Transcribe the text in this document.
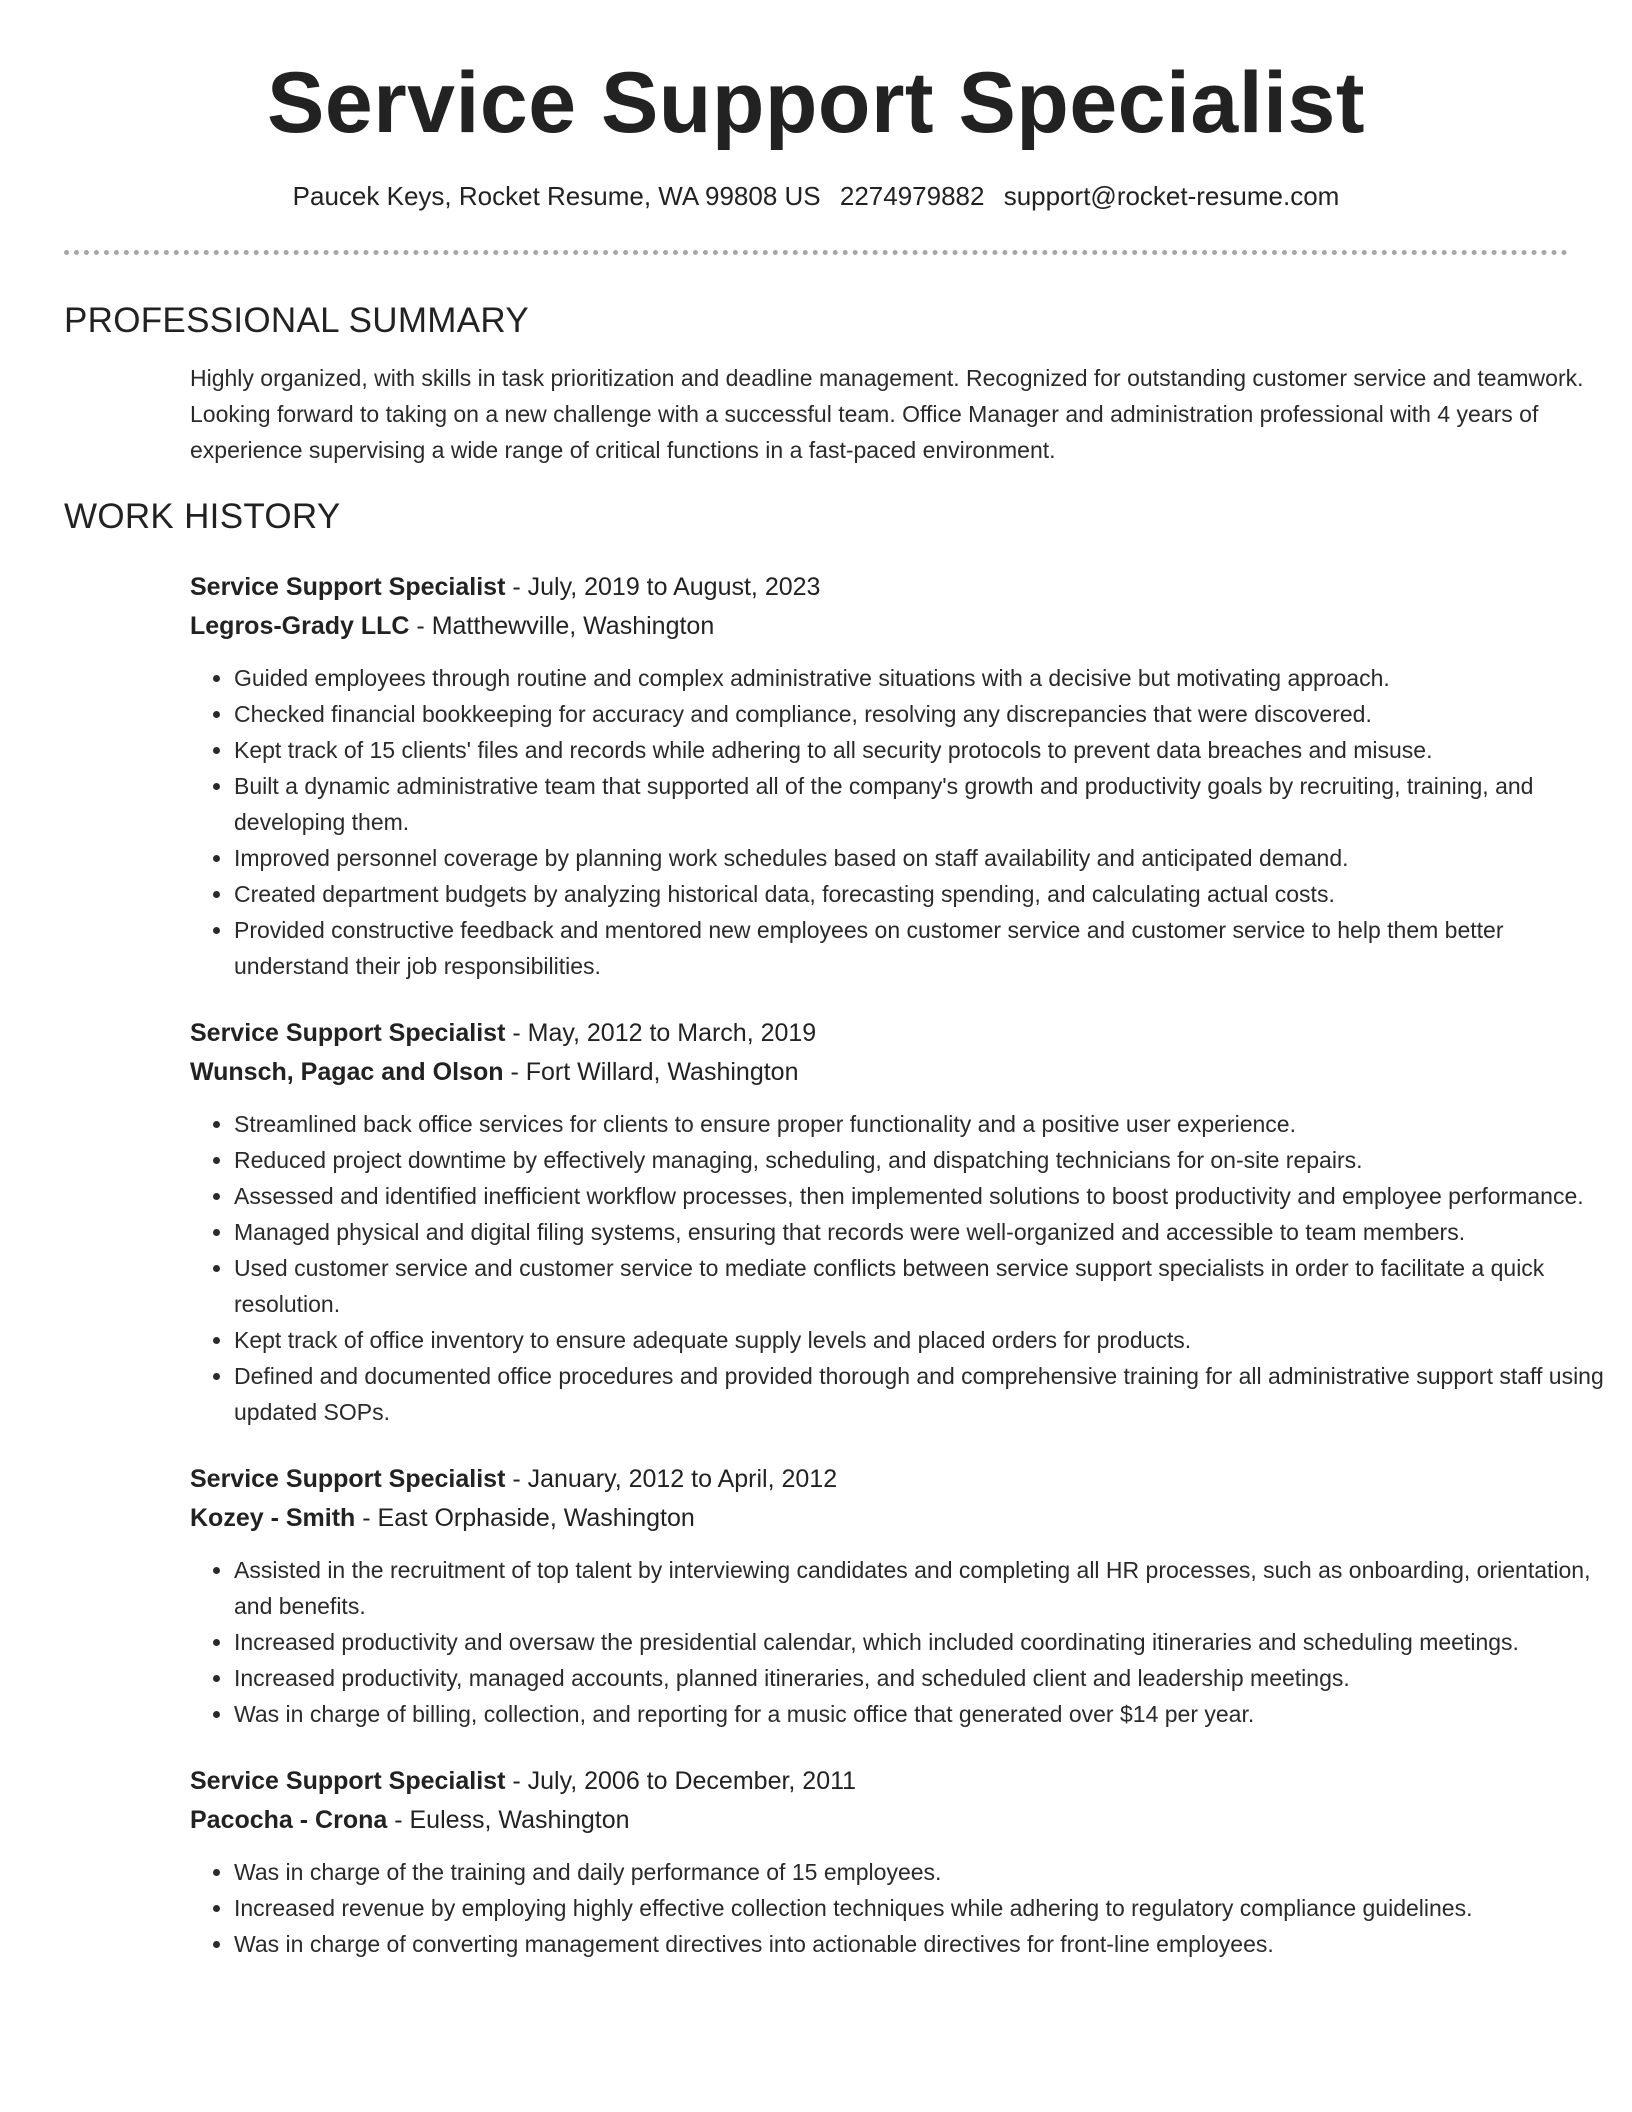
Service Support Specialist
Paucek Keys, Rocket Resume, WA 99808 US 2274979882 support@rocket-resume.com
PROFESSIONAL SUMMARY

Highly organized, with skills in task prioritization and deadline management. Recognized for outstanding customer service and teamwork. Looking forward to taking on a new challenge with a successful team. Office Manager and administration professional with 4 years of experience supervising a wide range of critical functions in a fast-paced environment.

WORK HISTORY
Service Support Specialist - July, 2019 to August, 2023
Legros-Grady LLC - Matthewville, Washington
• Guided employees through routine and complex administrative situations with a decisive but motivating approach.
• Checked financial bookkeeping for accuracy and compliance, resolving any discrepancies that were discovered.
• Kept track of 15 clients' files and records while adhering to all security protocols to prevent data breaches and misuse.
• Built a dynamic administrative team that supported all of the company's growth and productivity goals by recruiting, training, and developing them.
• Improved personnel coverage by planning work schedules based on staff availability and anticipated demand.
• Created department budgets by analyzing historical data, forecasting spending, and calculating actual costs.
• Provided constructive feedback and mentored new employees on customer service and customer service to help them better understand their job responsibilities.
Service Support Specialist - May, 2012 to March, 2019
Wunsch, Pagac and Olson - Fort Willard, Washington
• Streamlined back office services for clients to ensure proper functionality and a positive user experience.
• Reduced project downtime by effectively managing, scheduling, and dispatching technicians for on-site repairs.
• Assessed and identified inefficient workflow processes, then implemented solutions to boost productivity and employee performance.
• Managed physical and digital filing systems, ensuring that records were well-organized and accessible to team members.
• Used customer service and customer service to mediate conflicts between service support specialists in order to facilitate a quick resolution.
• Kept track of office inventory to ensure adequate supply levels and placed orders for products.
• Defined and documented office procedures and provided thorough and comprehensive training for all administrative support staff using updated SOPs.
Service Support Specialist - January, 2012 to April, 2012
Kozey - Smith - East Orphaside, Washington
• Assisted in the recruitment of top talent by interviewing candidates and completing all HR processes, such as onboarding, orientation, and benefits.
• Increased productivity and oversaw the presidential calendar, which included coordinating itineraries and scheduling meetings.
• Increased productivity, managed accounts, planned itineraries, and scheduled client and leadership meetings.
• Was in charge of billing, collection, and reporting for a music office that generated over $14 per year.
Service Support Specialist - July, 2006 to December, 2011
Pacocha - Crona - Euless, Washington
• Was in charge of the training and daily performance of 15 employees.
• Increased revenue by employing highly effective collection techniques while adhering to regulatory compliance guidelines.
• Was in charge of converting management directives into actionable directives for front-line employees.
